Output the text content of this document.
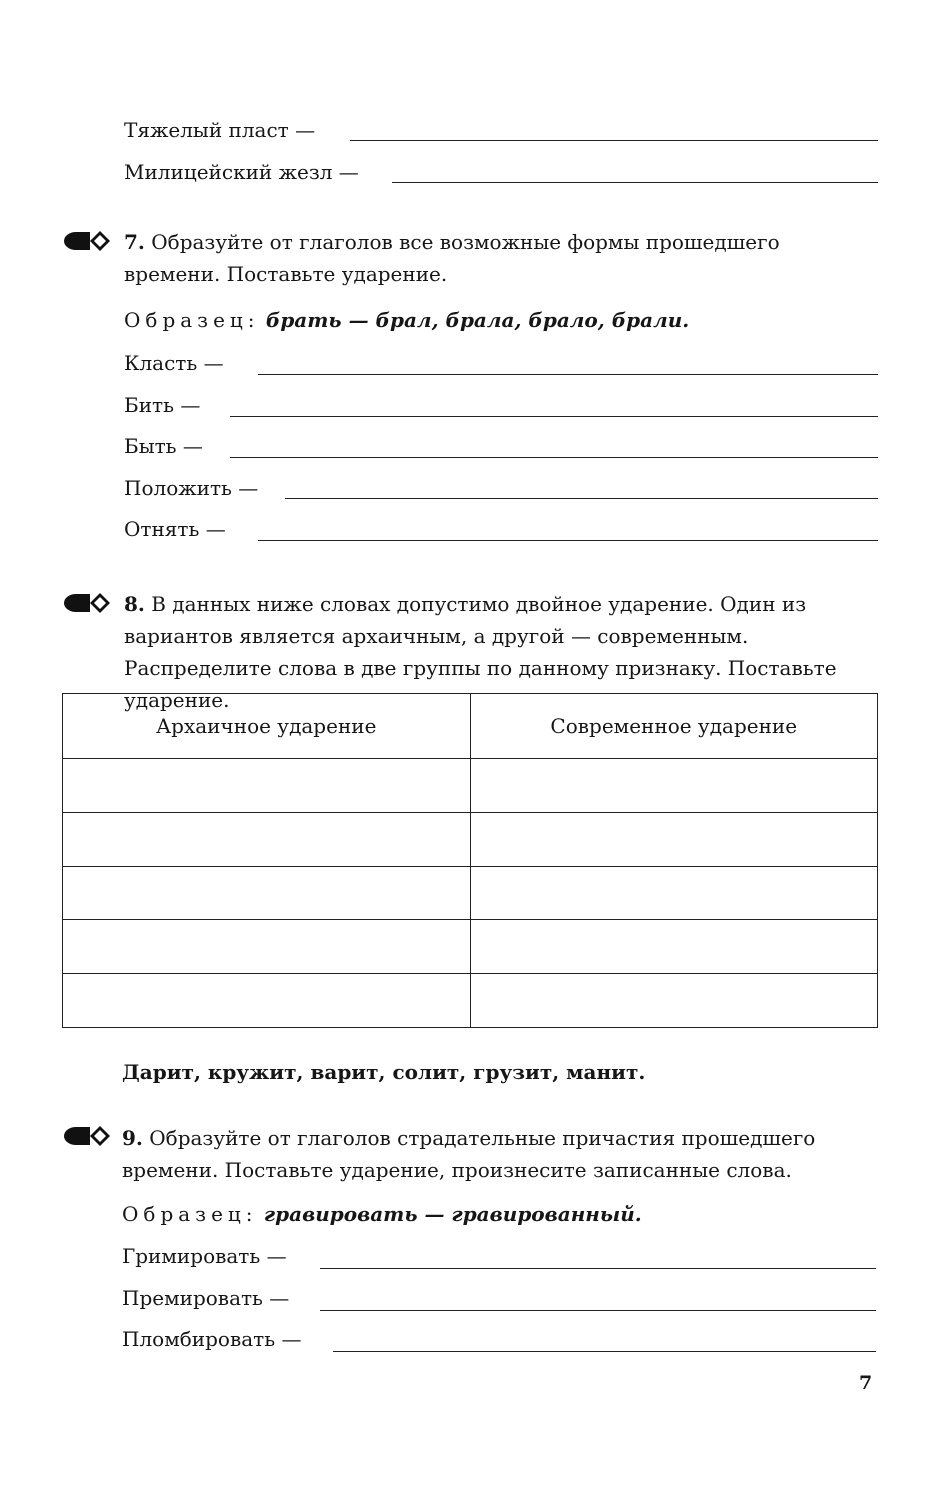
Тяжелый пласт —
Милицейский жезл —
7. Образуйте от глаголов все возможные формы прошедшего времени. Поставьте ударение.
Образец: брать — брал, брала, брало, брали.
Класть —
Бить —
Быть —
Положить —
Отнять —
8. В данных ниже словах допустимо двойное ударение. Один из вариантов является архаичным, а другой — современным. Распределите слова в две группы по данному признаку. Поставьте ударение.
Архаичное ударение	Современное ударение

Дарит, кружит, варит, солит, грузит, манит.
9. Образуйте от глаголов страдательные причастия прошедшего времени. Поставьте ударение, произнесите записанные слова.
Образец: гравировать — гравированный.
Гримировать —
Премировать —
Пломбировать —
7
